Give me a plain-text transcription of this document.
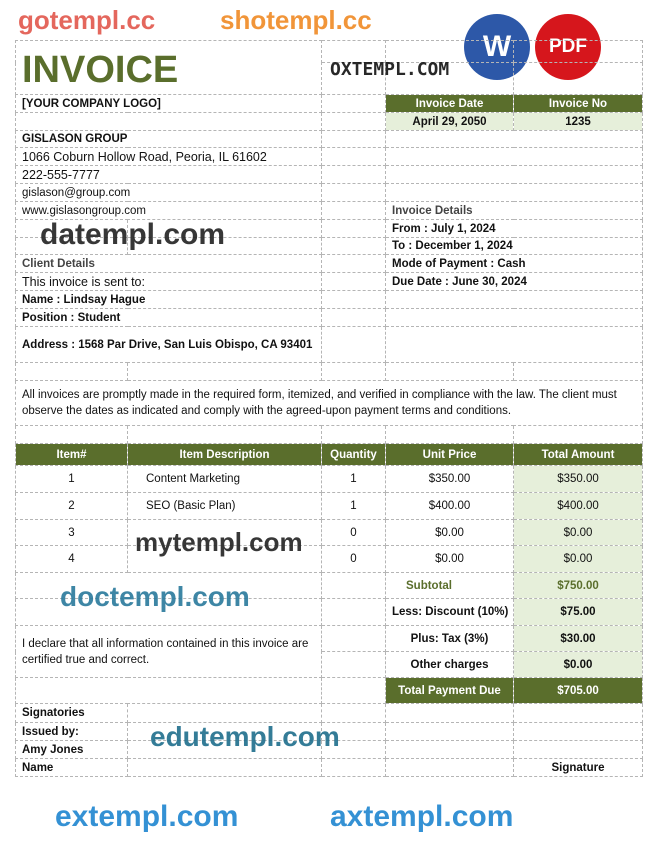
W	PDF
INVOICE				

[YOUR COMPANY LOGO]			Invoice Date	Invoice No
			April 29, 2050	1235
GISLASON GROUP				
1066 Coburn Hollow Road, Peoria, IL 61602				
222-555-7777				
gislason@group.com				
www.gislasongroup.com			Invoice Details	
			From : July 1, 2024	
			To : December 1, 2024	
Client Details			Mode of Payment : Cash	
This invoice is sent to:			Due Date : June 30, 2024	
Name : Lindsay Hague				
Position : Student				
Address : 1568 Par Drive, San Luis Obispo, CA 93401				

All invoices are promptly made in the required form, itemized, and verified in compliance with the law. The client must observe the dates as indicated and comply with the agreed-upon payment terms and conditions.				

Item#	Item Description	Quantity	Unit Price	Total Amount
1	Content Marketing	1	$350.00	$350.00
2	SEO (Basic Plan)	1	$400.00	$400.00
3		0	$0.00	$0.00
4		0	$0.00	$0.00
			Subtotal	$750.00
			Less: Discount (10%)	$75.00
I declare that all information contained in this invoice are certified true and correct.			Plus: Tax (3%)	$30.00
			Other charges	$0.00
			Total Payment Due	$705.00
Signatories				
Issued by:				
Amy Jones				
Name				Signature
gotempl.cc shotempl.cc
OXTEMPL.COM
datempl.com
mytempl.com
doctempl.com
edutempl.com
axtempl.com
extempl.com
